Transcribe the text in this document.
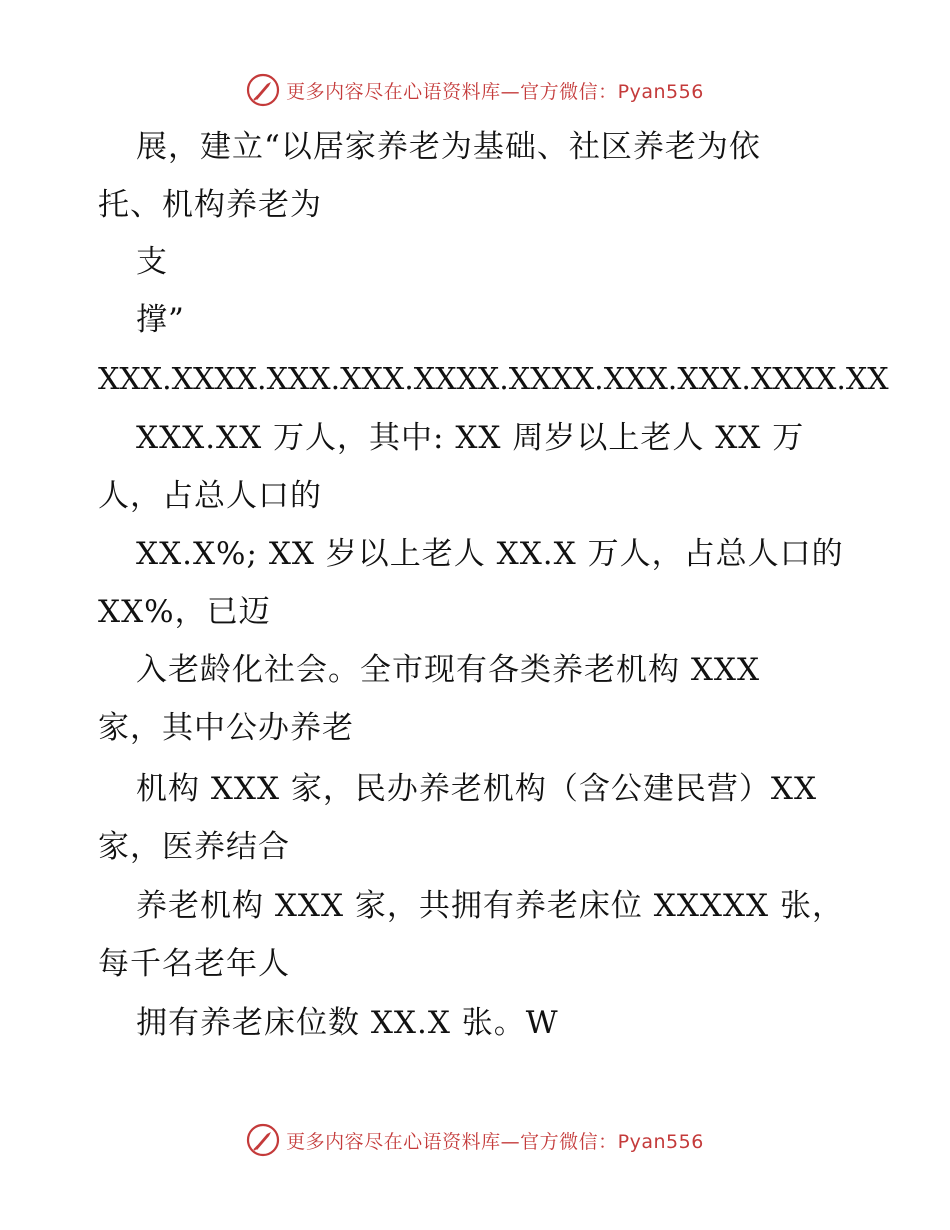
更多内容尽在心语资料库—官方微信：Pyan556
展，建立“以居家养老为基础、社区养老为依
托、机构养老为
支
撑”
XXX.XXXX.XXX.XXX.XXXX.XXXX.XXX.XXX.XXXX.XX
XXX.XX 万人，其中: XX 周岁以上老人 XX 万
人，占总人口的
XX.X%; XX 岁以上老人 XX.X 万人，占总人口的
XX%，已迈
入老龄化社会。全市现有各类养老机构 XXX
家，其中公办养老
机构 XXX 家，民办养老机构（含公建民营）XX
家，医养结合
养老机构 XXX 家，共拥有养老床位 XXXXX 张，
每千名老年人
拥有养老床位数 XX.X 张。W
更多内容尽在心语资料库—官方微信：Pyan556
